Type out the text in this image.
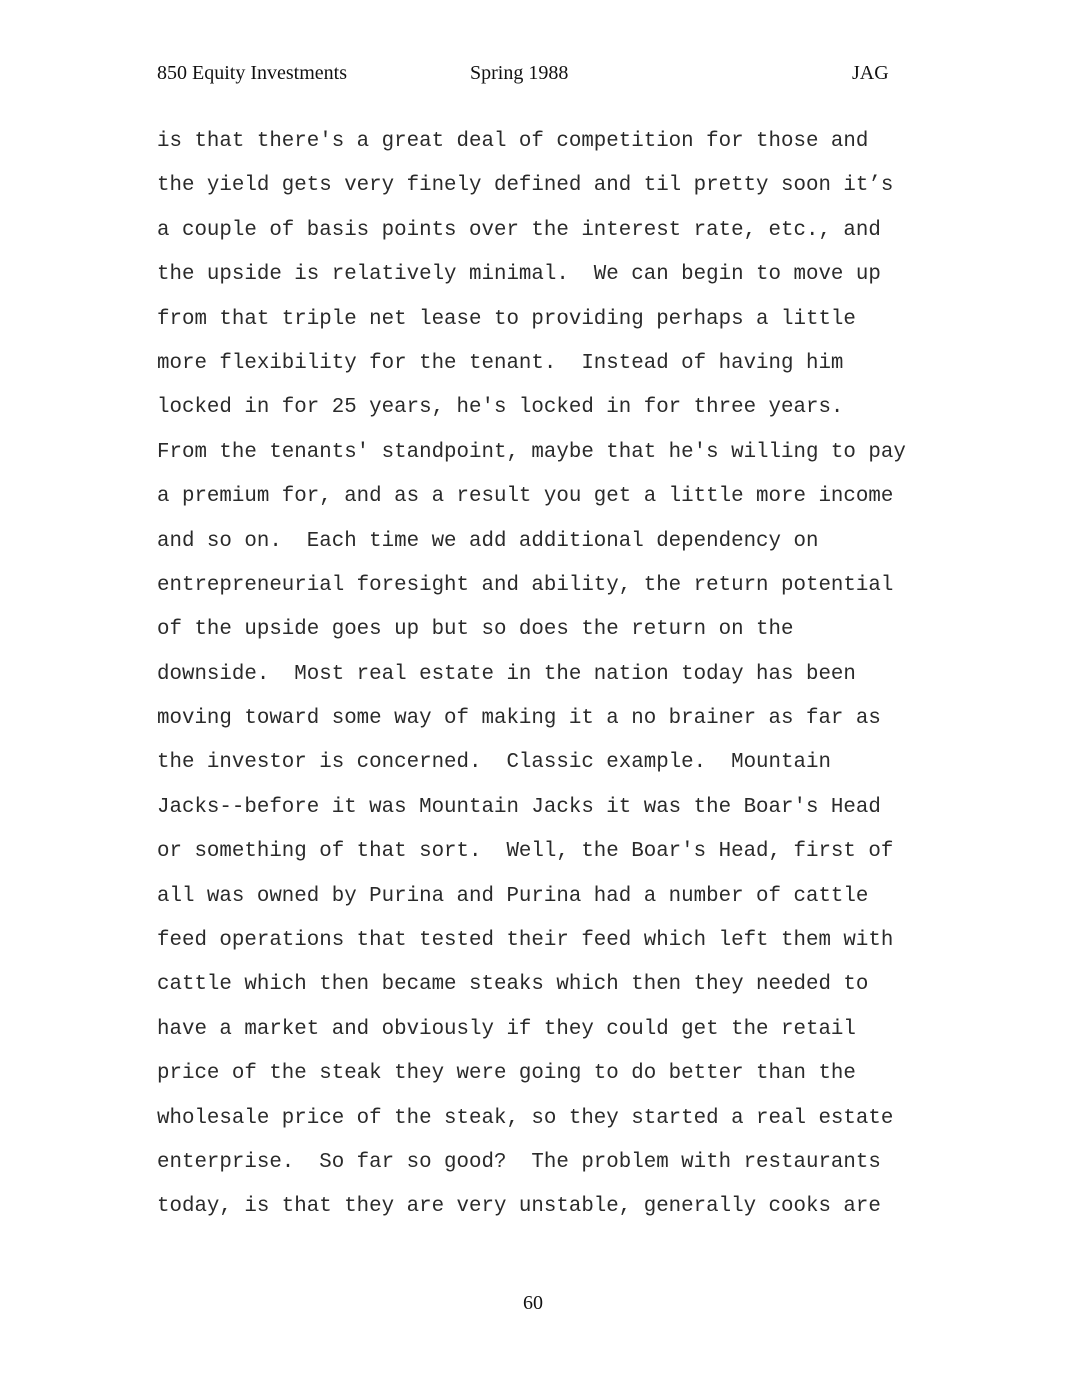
850 Equity Investments	Spring 1988	JAG
is that there's a great deal of competition for those and
the yield gets very finely defined and til pretty soon it’s
a couple of basis points over the interest rate, etc., and
the upside is relatively minimal.  We can begin to move up
from that triple net lease to providing perhaps a little
more flexibility for the tenant.  Instead of having him
locked in for 25 years, he's locked in for three years.
From the tenants' standpoint, maybe that he's willing to pay
a premium for, and as a result you get a little more income
and so on.  Each time we add additional dependency on
entrepreneurial foresight and ability, the return potential
of the upside goes up but so does the return on the
downside.  Most real estate in the nation today has been
moving toward some way of making it a no brainer as far as
the investor is concerned.  Classic example.  Mountain
Jacks--before it was Mountain Jacks it was the Boar's Head
or something of that sort.  Well, the Boar's Head, first of
all was owned by Purina and Purina had a number of cattle
feed operations that tested their feed which left them with
cattle which then became steaks which then they needed to
have a market and obviously if they could get the retail
price of the steak they were going to do better than the
wholesale price of the steak, so they started a real estate
enterprise.  So far so good?  The problem with restaurants
today, is that they are very unstable, generally cooks are
60
